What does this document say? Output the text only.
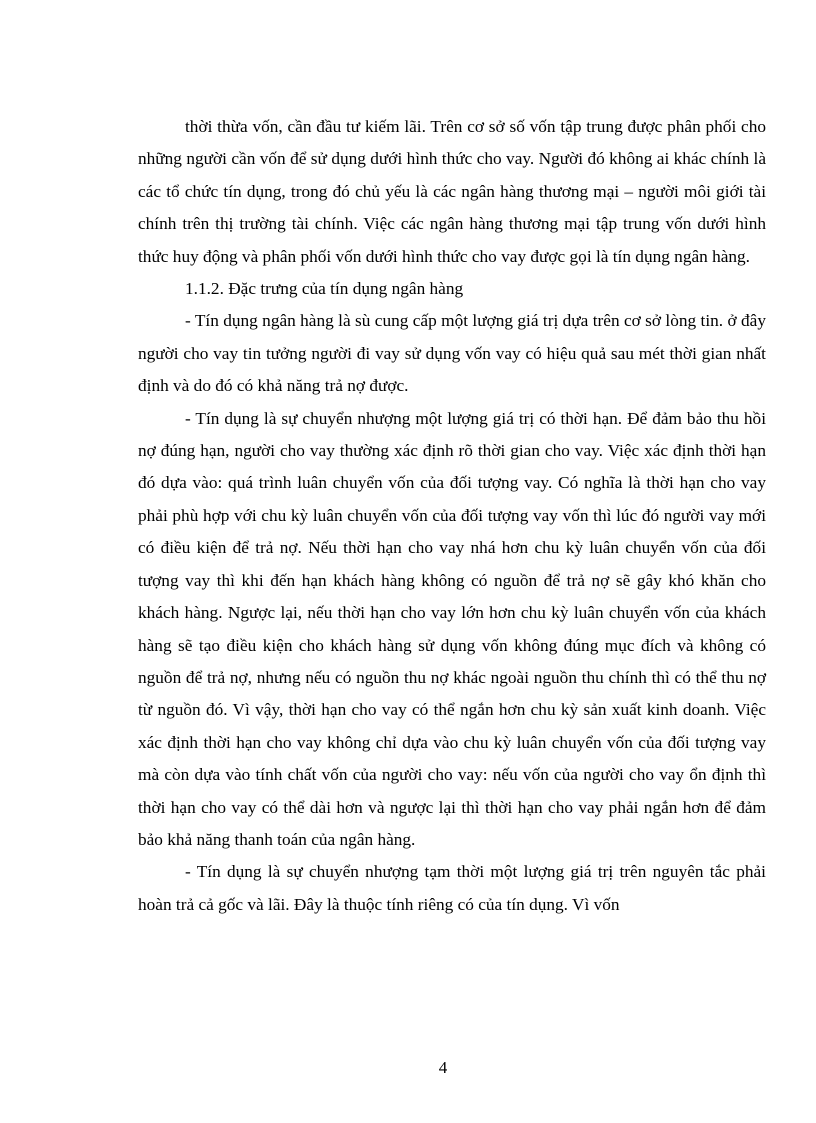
thời thừa vốn, cần đầu tư kiếm lãi. Trên cơ sở số vốn tập trung được phân phối cho những người cần vốn để sử dụng dưới hình thức cho vay. Người đó không ai khác chính là các tổ chức tín dụng, trong đó chủ yếu là các ngân hàng thương mại – người môi giới tài chính trên thị trường tài chính. Việc các ngân hàng thương mại tập trung vốn dưới hình thức huy động và phân phối vốn dưới hình thức cho vay được gọi là tín dụng ngân hàng.

1.1.2. Đặc trưng của tín dụng ngân hàng

- Tín dụng ngân hàng là sù cung cấp một lượng giá trị dựa trên cơ sở lòng tin. ở đây người cho vay tin tưởng người đi vay sử dụng vốn vay có hiệu quả sau mét thời gian nhất định và do đó có khả năng trả nợ được.

- Tín dụng là sự chuyển nhượng một lượng giá trị có thời hạn. Để đảm bảo thu hồi nợ đúng hạn, người cho vay thường xác định rõ thời gian cho vay. Việc xác định thời hạn đó dựa vào: quá trình luân chuyển vốn của đối tượng vay. Có nghĩa là thời hạn cho vay phải phù hợp với chu kỳ luân chuyển vốn của đối tượng vay vốn thì lúc đó người vay mới có điều kiện để trả nợ. Nếu thời hạn cho vay nhá hơn chu kỳ luân chuyển vốn của đối tượng vay thì khi đến hạn khách hàng không có nguồn để trả nợ sẽ gây khó khăn cho khách hàng. Ngược lại, nếu thời hạn cho vay lớn hơn chu kỳ luân chuyển vốn của khách hàng sẽ tạo điều kiện cho khách hàng sử dụng vốn không đúng mục đích và không có nguồn để trả nợ, nhưng nếu có nguồn thu nợ khác ngoài nguồn thu chính thì có thể thu nợ từ nguồn đó. Vì vậy, thời hạn cho vay có thể ngắn hơn chu kỳ sản xuất kinh doanh. Việc xác định thời hạn cho vay không chỉ dựa vào chu kỳ luân chuyển vốn của đối tượng vay mà còn dựa vào tính chất vốn của người cho vay: nếu vốn của người cho vay ổn định thì thời hạn cho vay có thể dài hơn và ngược lại thì thời hạn cho vay phải ngắn hơn để đảm bảo khả năng thanh toán của ngân hàng.

- Tín dụng là sự chuyển nhượng tạm thời một lượng giá trị trên nguyên tắc phải hoàn trả cả gốc và lãi. Đây là thuộc tính riêng có của tín dụng. Vì vốn

4
